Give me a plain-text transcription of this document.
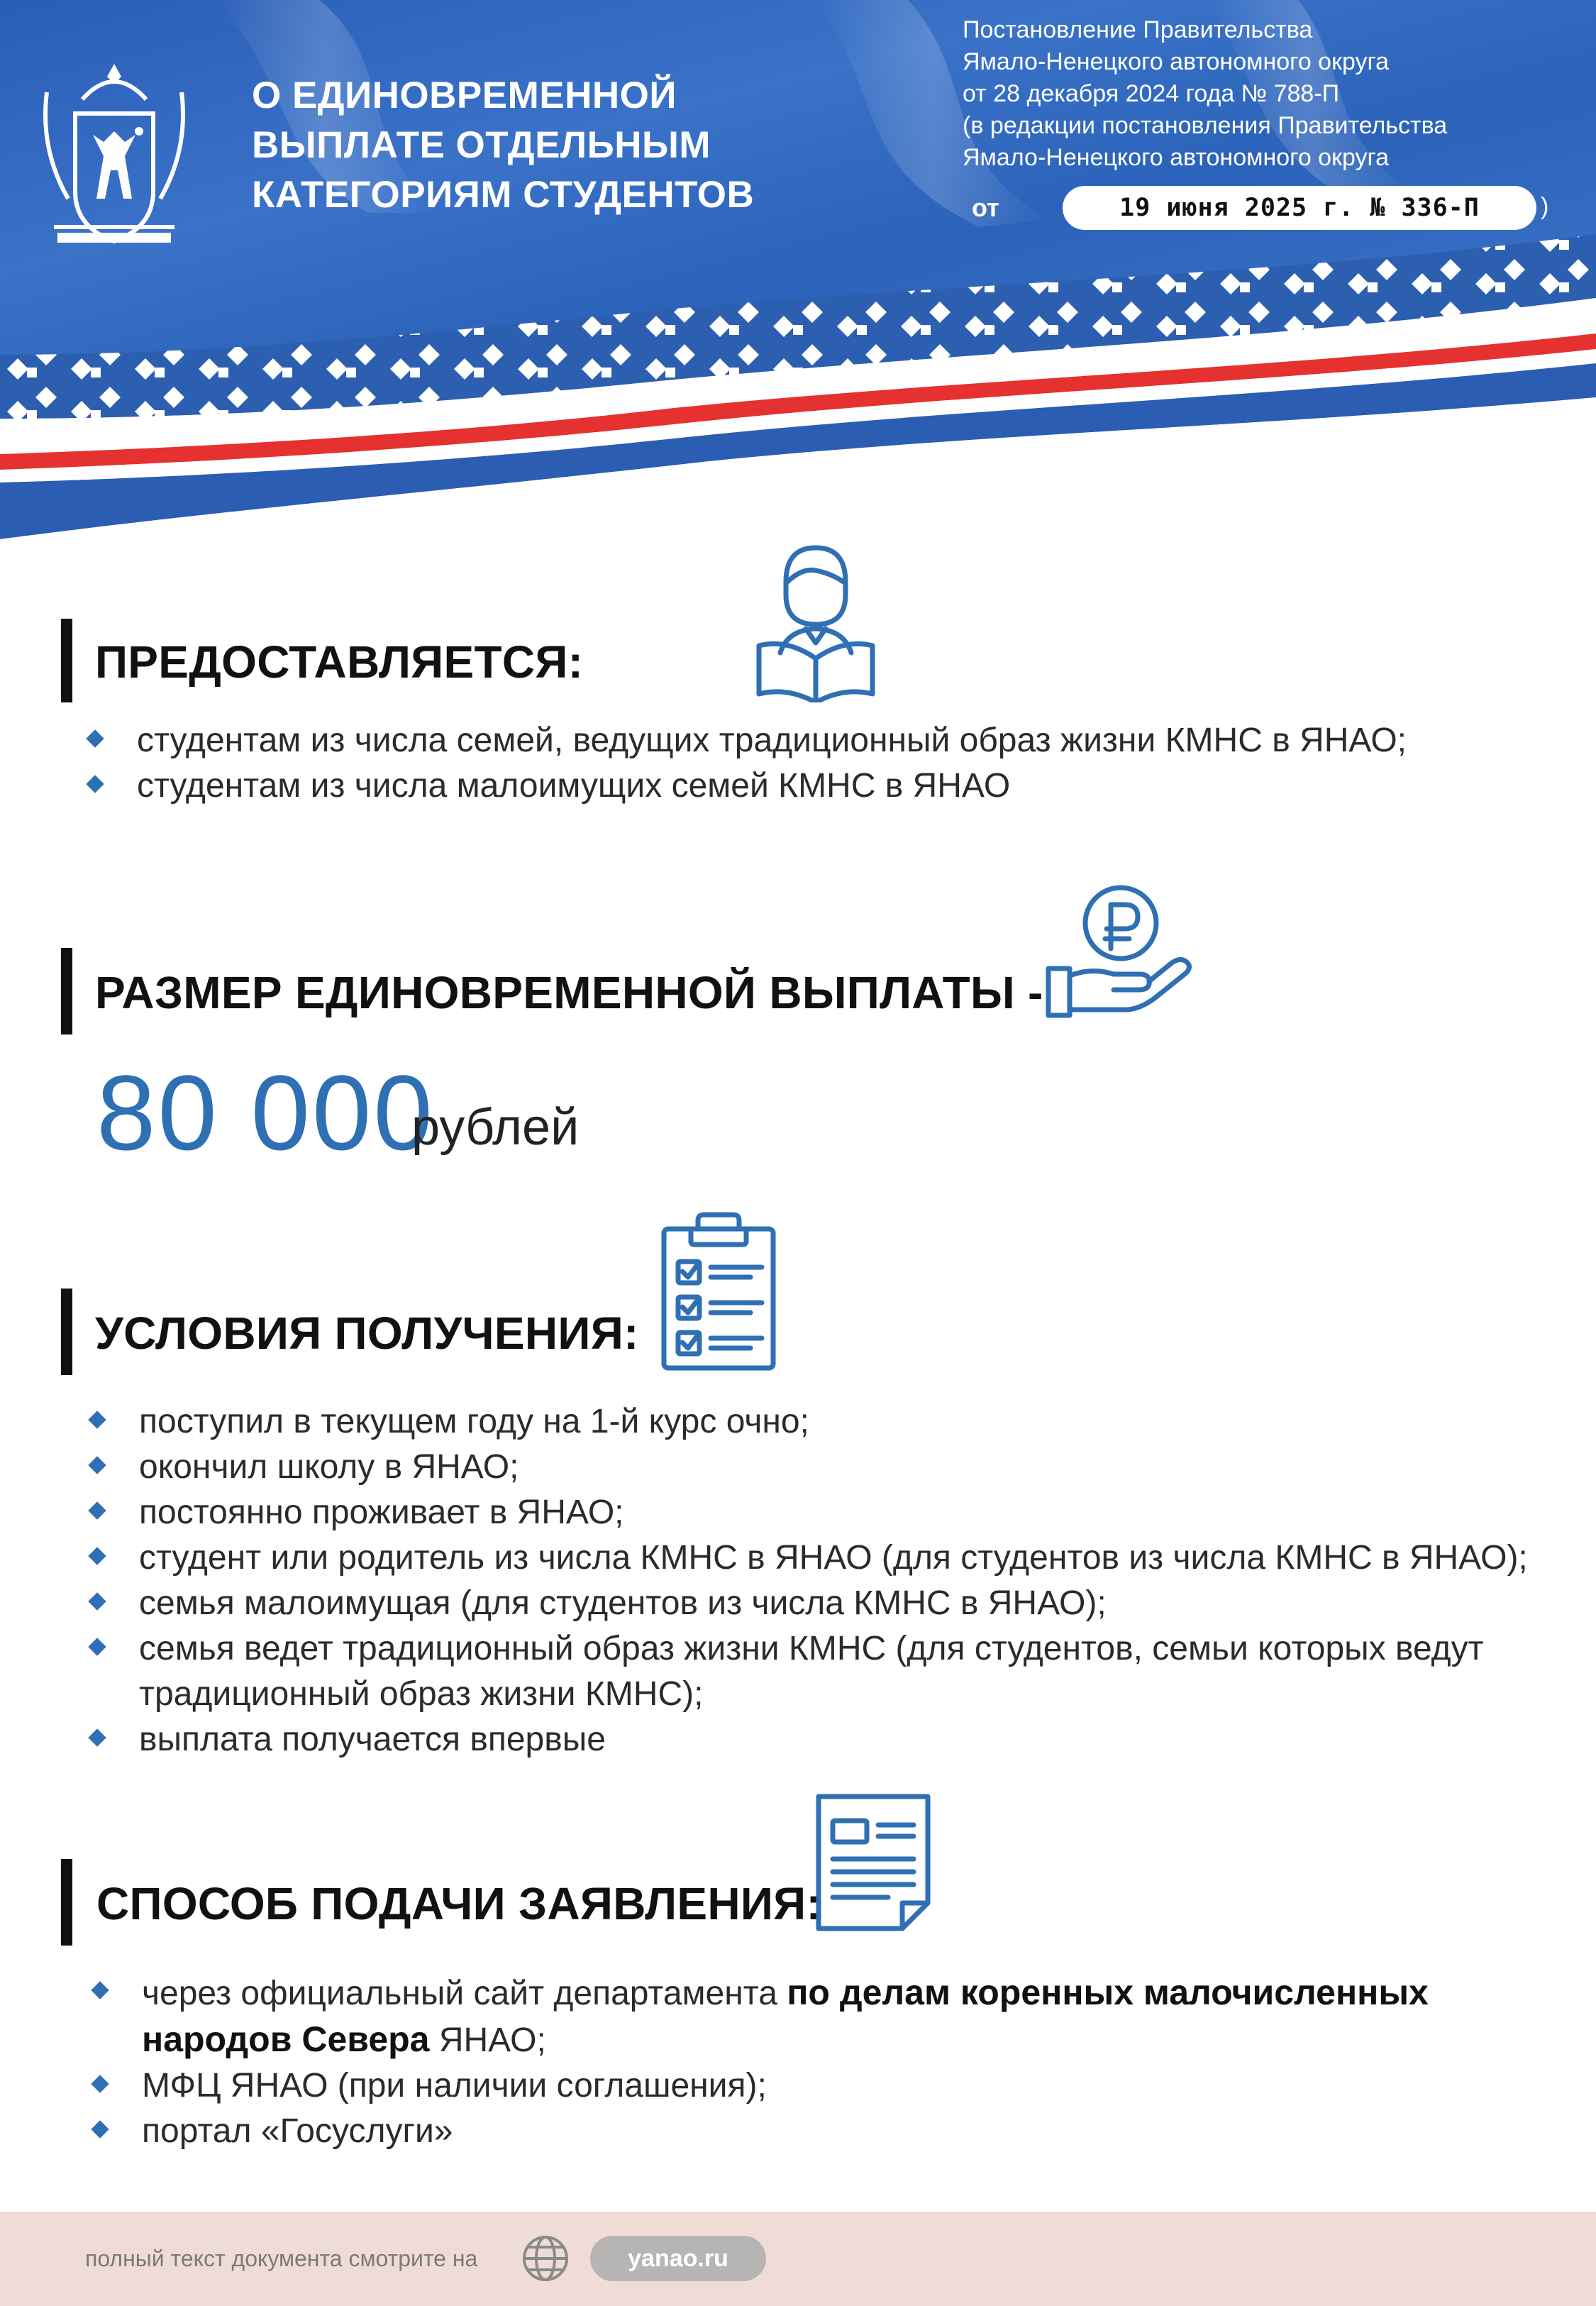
О ЕДИНОВРЕМЕННОЙ
ВЫПЛАТЕ ОТДЕЛЬНЫМ
КАТЕГОРИЯМ СТУДЕНТОВ
Постановление Правительства
Ямало-Ненецкого автономного округа
от 28 декабря 2024 года № 788-П
(в редакции постановления Правительства
Ямало-Ненецкого автономного округа
от	19 июня 2025 г. № 336-П	)
ПРЕДОСТАВЛЯЕТСЯ:
студентам из числа семей, ведущих традиционный образ жизни КМНС в ЯНАО;
студентам из числа малоимущих семей КМНС в ЯНАО
РАЗМЕР ЕДИНОВРЕМЕННОЙ ВЫПЛАТЫ -
80 000
рублей
УСЛОВИЯ ПОЛУЧЕНИЯ:
поступил в текущем году на 1-й курс очно;
окончил школу в ЯНАО;
постоянно проживает в ЯНАО;
студент или родитель из числа КМНС в ЯНАО (для студентов из числа КМНС в ЯНАО);
семья малоимущая (для студентов из числа КМНС в ЯНАО);
семья ведет традиционный образ жизни КМНС (для студентов, семьи которых ведут
традиционный образ жизни КМНС);
выплата получается впервые
СПОСОБ ПОДАЧИ ЗАЯВЛЕНИЯ:
через официальный сайт департамента по делам коренных малочисленных
народов Севера ЯНАО;
МФЦ ЯНАО (при наличии соглашения);
портал «Госуслуги»
полный текст документа смотрите на	yanao.ru
